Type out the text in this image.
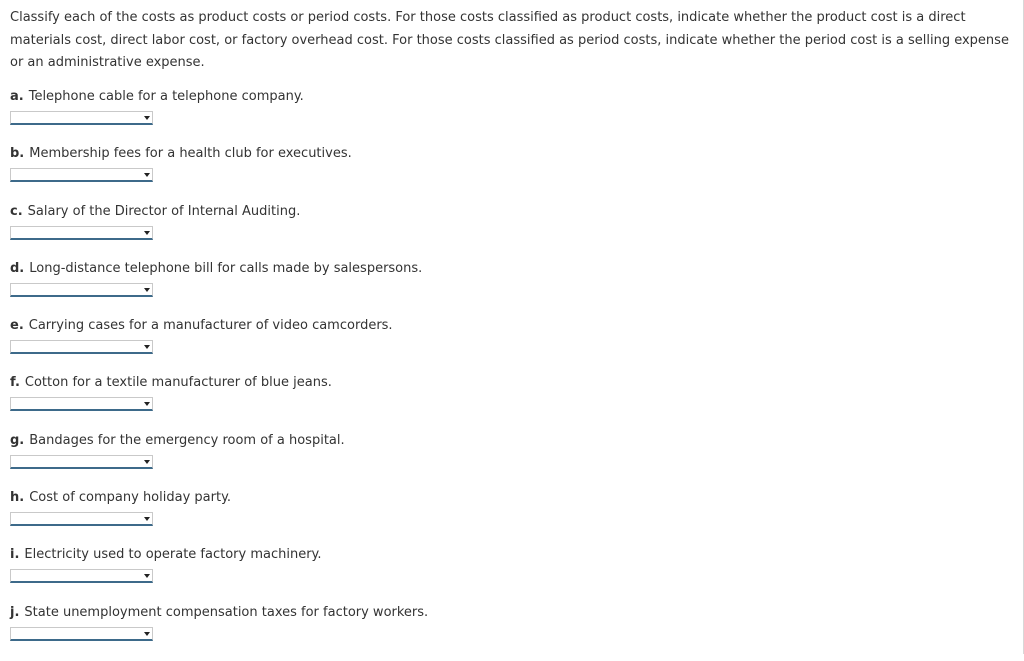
Classify each of the costs as product costs or period costs. For those costs classified as product costs, indicate whether the product cost is a direct materials cost, direct labor cost, or factory overhead cost. For those costs classified as period costs, indicate whether the period cost is a selling expense or an administrative expense.

a. Telephone cable for a telephone company.

b. Membership fees for a health club for executives.

c. Salary of the Director of Internal Auditing.

d. Long-distance telephone bill for calls made by salespersons.

e. Carrying cases for a manufacturer of video camcorders.

f. Cotton for a textile manufacturer of blue jeans.

g. Bandages for the emergency room of a hospital.

h. Cost of company holiday party.

i. Electricity used to operate factory machinery.

j. State unemployment compensation taxes for factory workers.
